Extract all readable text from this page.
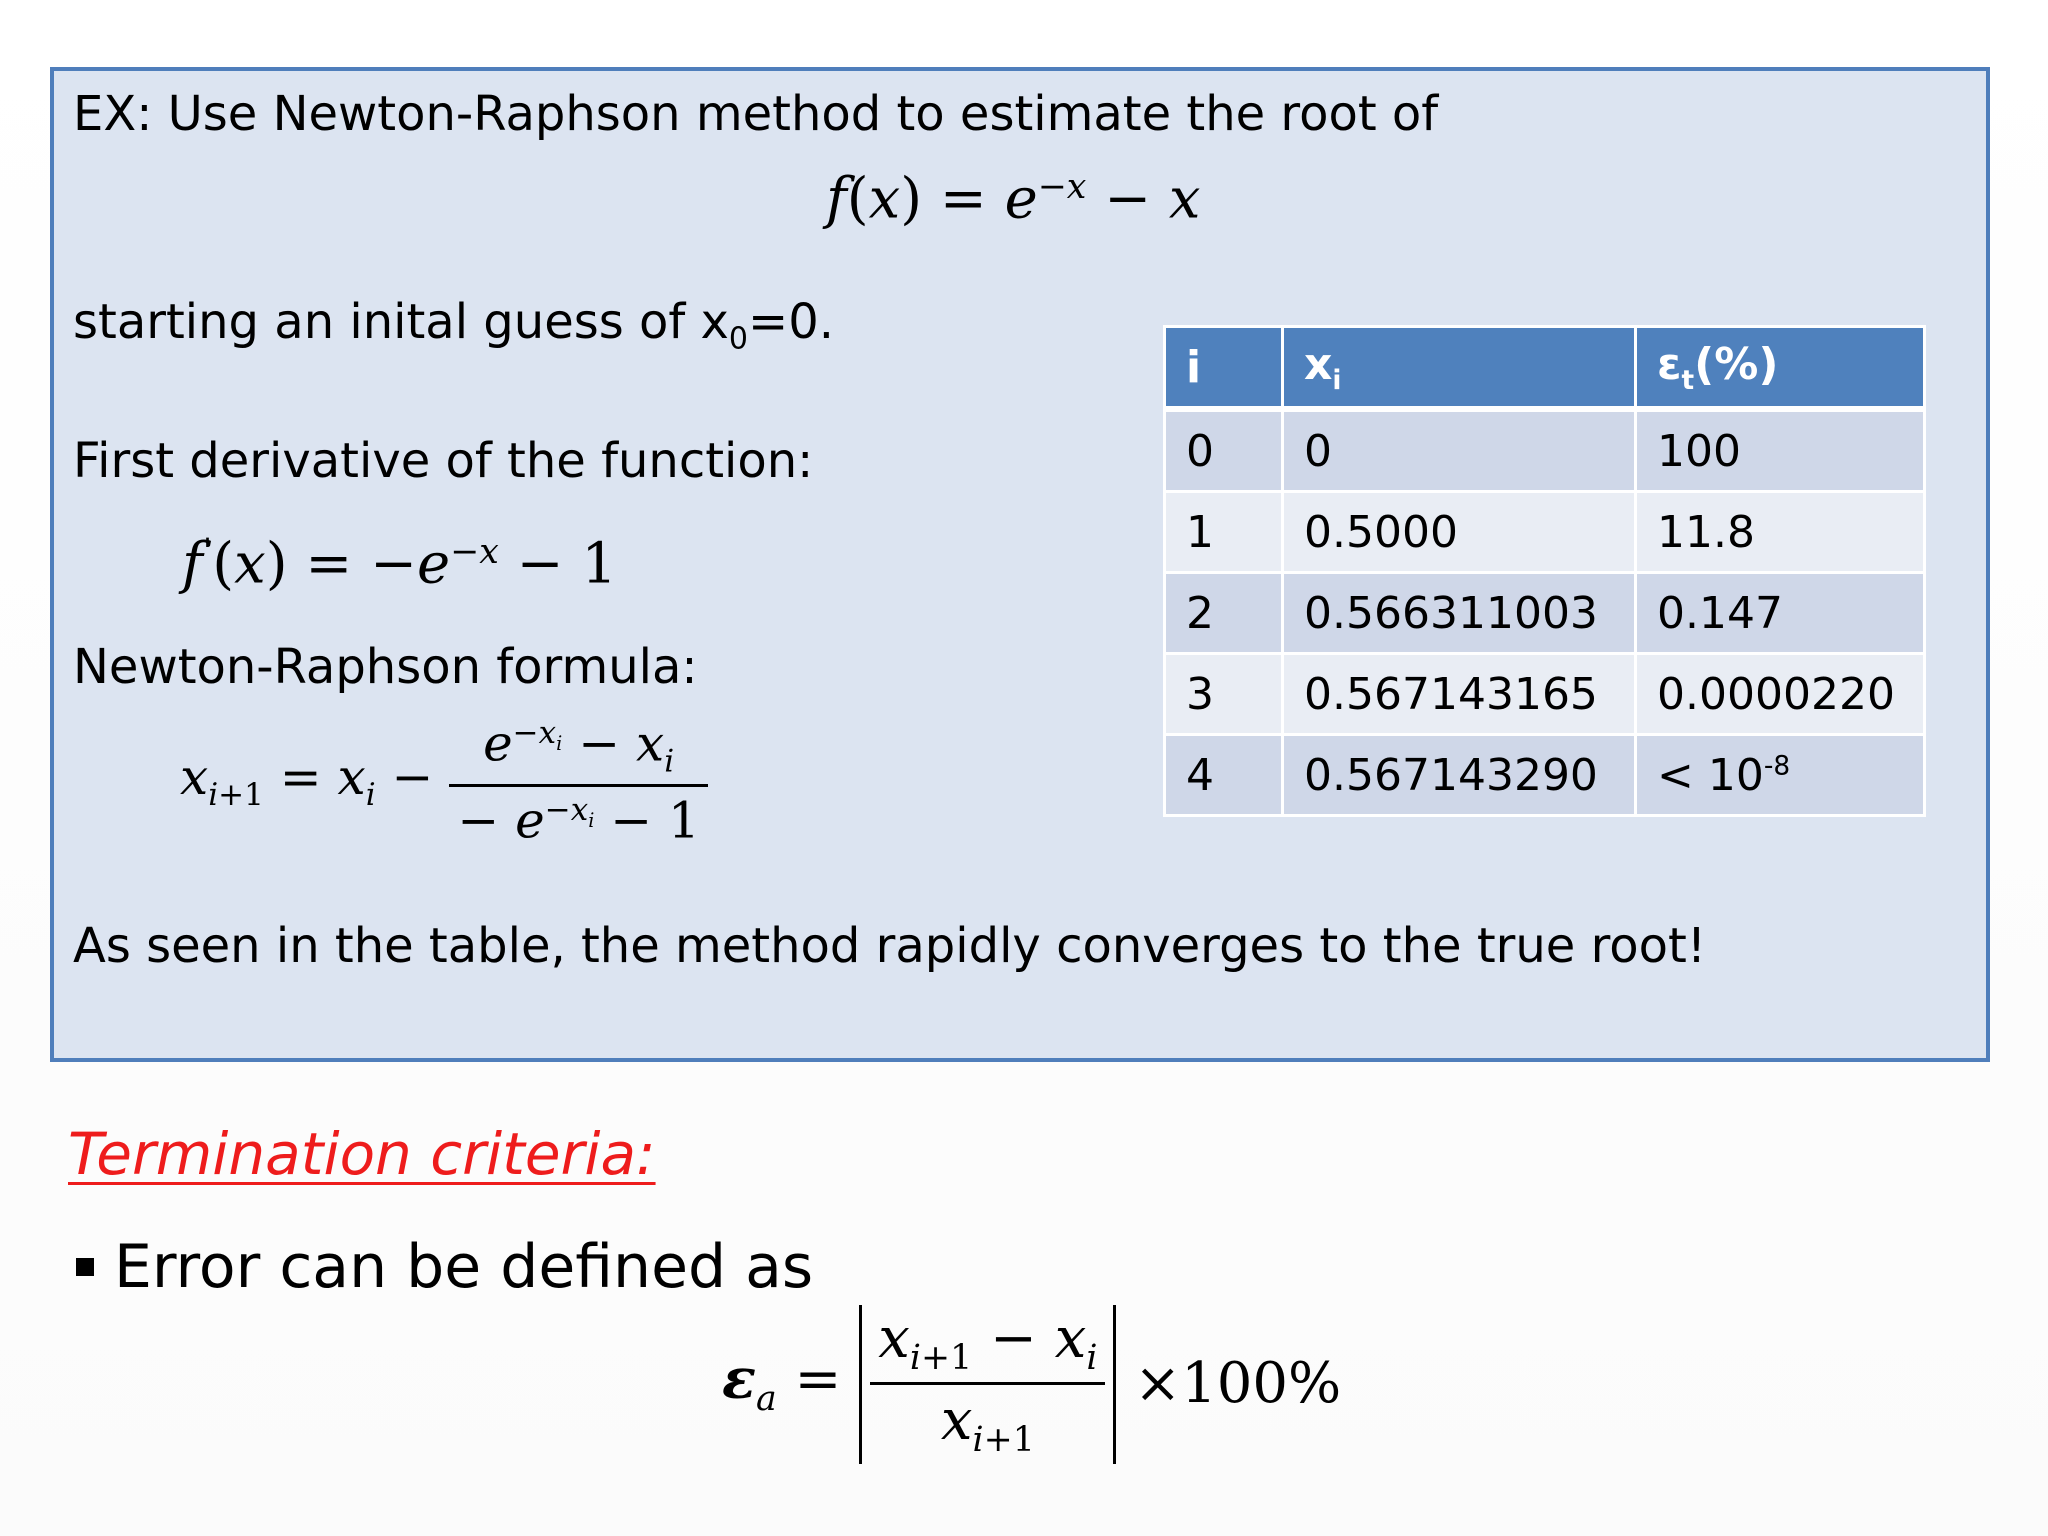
EX: Use Newton-Raphson method to estimate the root of
$f(x) = e^{-x} - x$
starting an inital guess of $x_0=0$.
First derivative of the function:
$f'(x) = -e^{-x} - 1$
Newton-Raphson formula:
$x_{i+1} = x_i - \frac{e^{-x_i} - x_i}{- e^{-x_i} - 1}$
i	$x_i$	$\varepsilon_t(\%)$
0	0	100
1	0.5000	11.8
2	0.566311003	0.147
3	0.567143165	0.0000220
4	0.567143290	< $10^{-8}$
As seen in the table, the method rapidly converges to the true root!
Termination criteria:
Error can be defined as
$\varepsilon_a = \frac{x_{i+1} - x_i}{x_{i+1}} \times 100\%$
